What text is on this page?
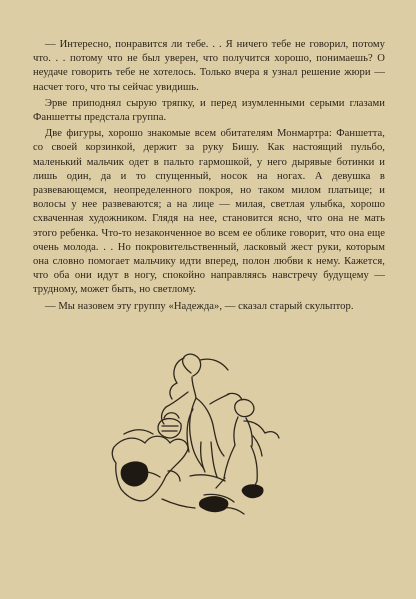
— Интересно, понравится ли тебе. . . Я ничего тебе не говорил, потому что. . . потому что не был уверен, что получится хорошо, понимаешь? О неудаче говорить тебе не хотелось. Только вчера я узнал решение жюри — насчет того, что ты сейчас увидишь.

Эрве приподнял сырую тряпку, и перед изумленными серыми глазами Фаншетты предстала группа.

Две фигуры, хорошо знакомые всем обитателям Монмартра: Фаншетта, со своей корзинкой, держит за руку Бишу. Как настоящий пульбо, маленький мальчик одет в пальто гармошкой, у него дырявые ботинки и лишь один, да и то спущенный, носок на ногах. А девушка в развевающемся, неопределенного покроя, но таком милом платьице; и волосы у нее развеваются; а на лице — милая, светлая улыбка, хорошо схваченная художником. Глядя на нее, становится ясно, что она не мать этого ребенка. Что-то незаконченное во всем ее облике говорит, что она еще очень молода. . . Но покровительственный, ласковый жест руки, которым она словно помогает мальчику идти вперед, полон любви к нему. Кажется, что оба они идут в ногу, спокойно направляясь навстречу будущему — трудному, может быть, но светлому.

— Мы назовем эту группу «Надежда», — сказал старый скульптор.
